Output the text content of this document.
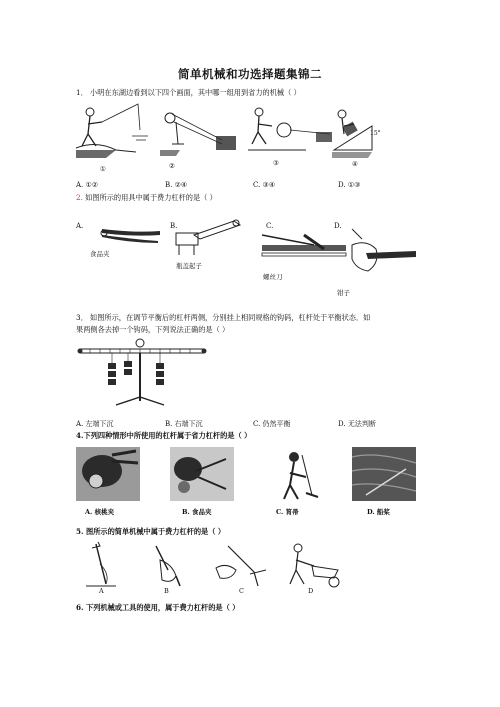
简单机械和功选择题集锦二
1． 小明在东湖边看到以下四个画面，其中哪一组用到省力的机械（ ）
②
①
③	④
15°
A. ①②	B. ②④	C. ③④	D. ①③
2. 如图所示的用具中属于费力杠杆的是（ ）
A.	B.	C.	D.
食品夹
瓶盖起子
螺丝刀
钳子
3． 如图所示，在调节平衡后的杠杆两侧，分别挂上相同规格的钩码，杠杆处于平衡状态．如
果两侧各去掉一个钩码，下列说法正确的是（ ）
A. 左端下沉	B. 右端下沉	C. 仍然平衡	D. 无法判断
4.下列四种情形中所使用的杠杆属于省力杠杆的是（ ）
A. 核桃夹	B. 食品夹	C. 筲帚	D. 船桨
5. 图所示的简单机械中属于费力杠杆的是（ ）
A	B	C	D
6. 下列机械或工具的使用，属于费力杠杆的是（ ）
